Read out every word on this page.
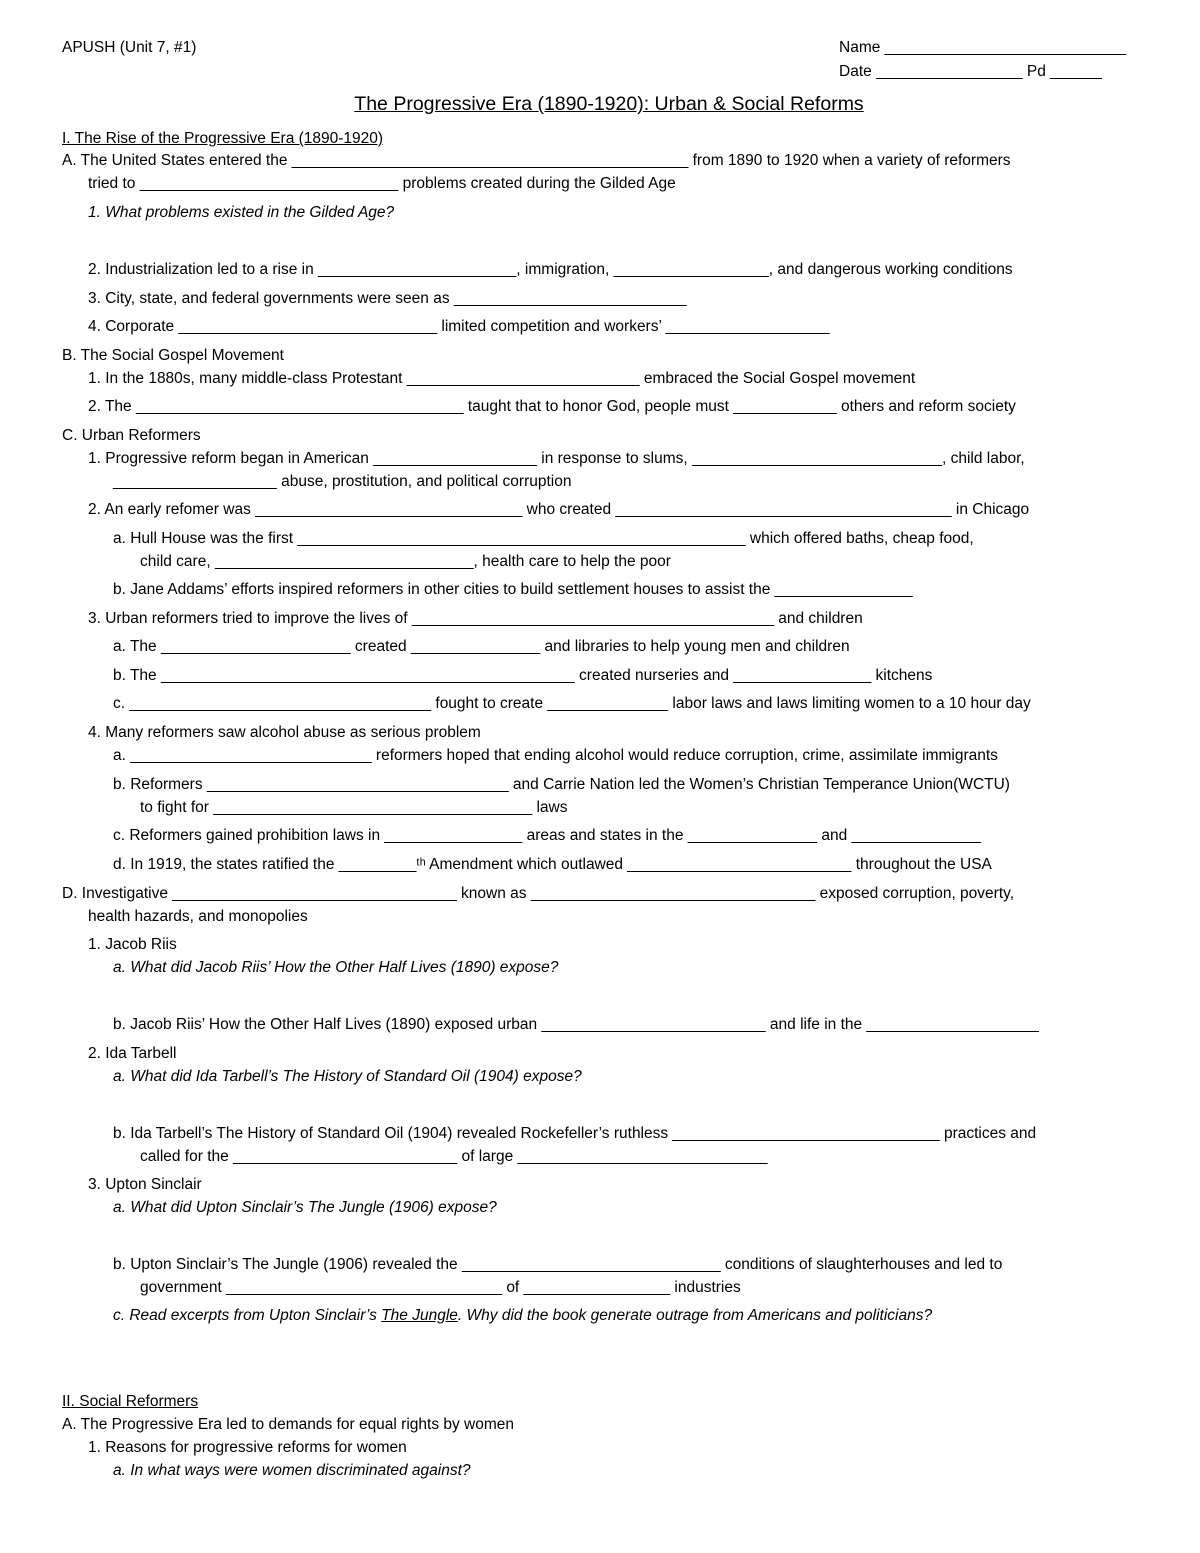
APUSH (Unit 7, #1)	Name ____________________________
Date _________________ Pd ______
The Progressive Era (1890-1920): Urban & Social Reforms
I. The Rise of the Progressive Era (1890-1920)
A. The United States entered the ______________________________________________ from 1890 to 1920 when a variety of reformers
tried to ______________________________ problems created during the Gilded Age
1. What problems existed in the Gilded Age?
2. Industrialization led to a rise in _______________________, immigration, __________________, and dangerous working conditions
3. City, state, and federal governments were seen as ___________________________
4. Corporate ______________________________ limited competition and workers’ ___________________
B. The Social Gospel Movement
1. In the 1880s, many middle-class Protestant ___________________________ embraced the Social Gospel movement
2. The ______________________________________ taught that to honor God, people must ____________ others and reform society
C. Urban Reformers
1. Progressive reform began in American ___________________ in response to slums, _____________________________, child labor,
___________________ abuse, prostitution, and political corruption
2. An early refomer was _______________________________ who created _______________________________________ in Chicago
a. Hull House was the first ____________________________________________________ which offered baths, cheap food,
child care, ______________________________, health care to help the poor
b. Jane Addams’ efforts inspired reformers in other cities to build settlement houses to assist the ________________
3. Urban reformers tried to improve the lives of __________________________________________ and children
a. The ______________________ created _______________ and libraries to help young men and children
b. The ________________________________________________ created nurseries and ________________ kitchens
c. ___________________________________ fought to create ______________ labor laws and laws limiting women to a 10 hour day
4. Many reformers saw alcohol abuse as serious problem
a. ____________________________ reformers hoped that ending alcohol would reduce corruption, crime, assimilate immigrants
b. Reformers ___________________________________ and Carrie Nation led the Women’s Christian Temperance Union(WCTU)
to fight for _____________________________________ laws
c. Reformers gained prohibition laws in ________________ areas and states in the _______________ and _______________
d. In 1919, the states ratified the _________ᵗʰ Amendment which outlawed __________________________ throughout the USA
D. Investigative _________________________________ known as _________________________________ exposed corruption, poverty,
health hazards, and monopolies
1. Jacob Riis
a. What did Jacob Riis’ How the Other Half Lives (1890) expose?
b. Jacob Riis’ How the Other Half Lives (1890) exposed urban __________________________ and life in the ____________________
2. Ida Tarbell
a. What did Ida Tarbell’s The History of Standard Oil (1904) expose?
b. Ida Tarbell’s The History of Standard Oil (1904) revealed Rockefeller’s ruthless _______________________________ practices and
called for the __________________________ of large _____________________________
3. Upton Sinclair
a. What did Upton Sinclair’s The Jungle (1906) expose?
b. Upton Sinclair’s The Jungle (1906) revealed the ______________________________ conditions of slaughterhouses and led to
government ________________________________ of _________________ industries
c. Read excerpts from Upton Sinclair’s The Jungle. Why did the book generate outrage from Americans and politicians?
II. Social Reformers
A. The Progressive Era led to demands for equal rights by women
1. Reasons for progressive reforms for women
a. In what ways were women discriminated against?
